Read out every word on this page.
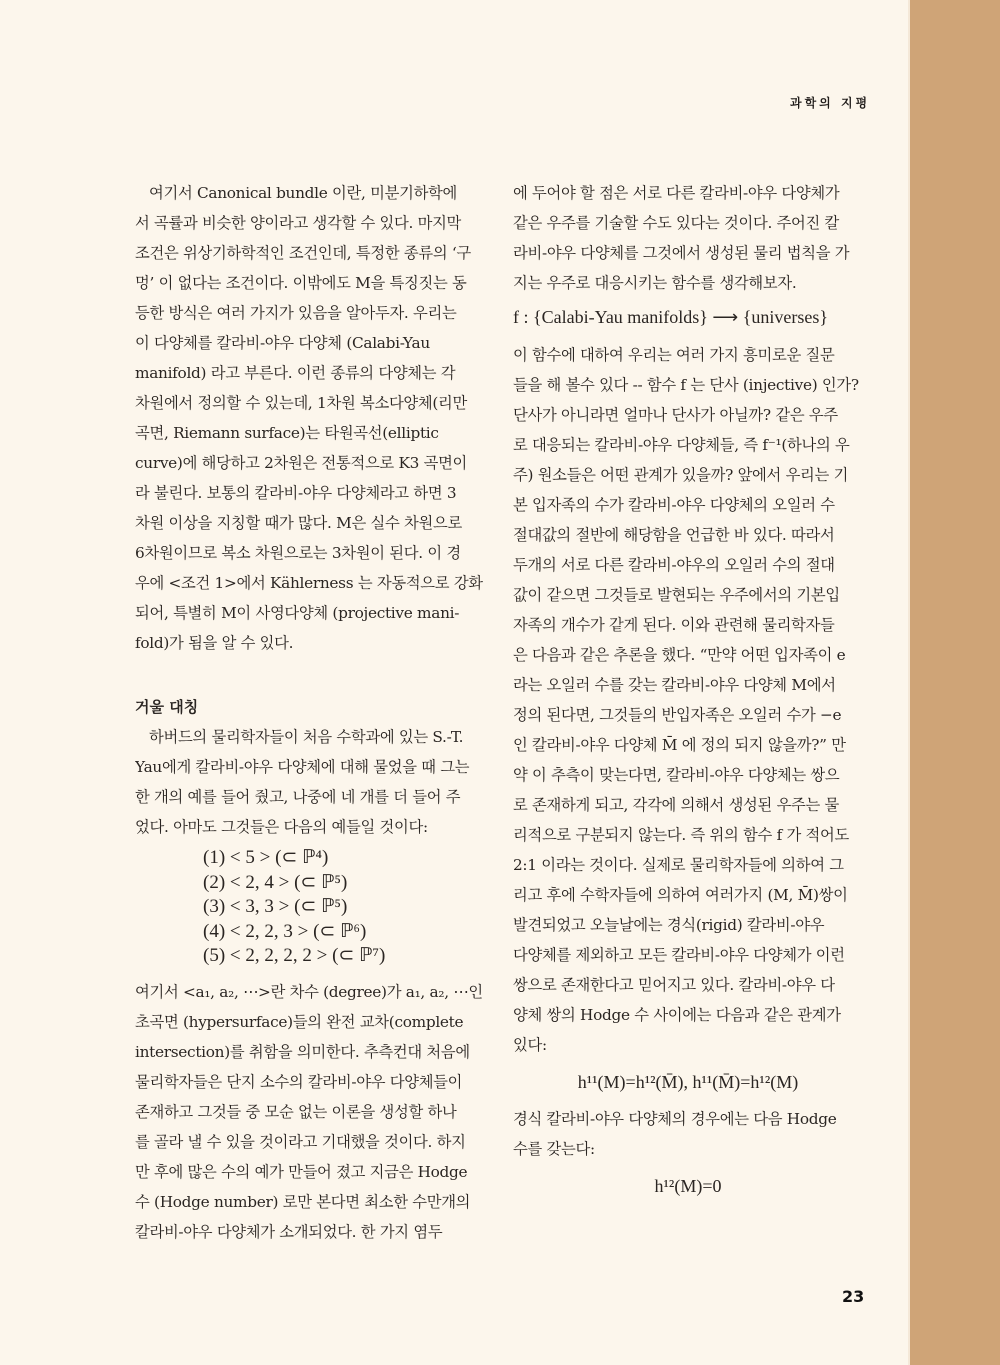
과학의 지평
여기서 Canonical bundle 이란, 미분기하학에
서 곡률과 비슷한 양이라고 생각할 수 있다. 마지막
조건은 위상기하학적인 조건인데, 특정한 종류의 ‘구
멍’ 이 없다는 조건이다. 이밖에도 M을 특징짓는 동
등한 방식은 여러 가지가 있음을 알아두자. 우리는
이 다양체를 칼라비-야우 다양체 (Calabi-Yau
manifold) 라고 부른다. 이런 종류의 다양체는 각
차원에서 정의할 수 있는데, 1차원 복소다양체(리만
곡면, Riemann surface)는 타원곡선(elliptic
curve)에 해당하고 2차원은 전통적으로 K3 곡면이
라 불린다. 보통의 칼라비-야우 다양체라고 하면 3
차원 이상을 지칭할 때가 많다. M은 실수 차원으로
6차원이므로 복소 차원으로는 3차원이 된다. 이 경
우에 <조건 1>에서 Kählerness 는 자동적으로 강화
되어, 특별히 M이 사영다양체 (projective mani-
fold)가 됨을 알 수 있다.
거울 대칭
하버드의 물리학자들이 처음 수학과에 있는 S.-T.
Yau에게 칼라비-야우 다양체에 대해 물었을 때 그는
한 개의 예를 들어 줬고, 나중에 네 개를 더 들어 주
었다. 아마도 그것들은 다음의 예들일 것이다:
(1) < 5 > (⊂ ℙ⁴)
(2) < 2, 4 > (⊂ ℙ⁵)
(3) < 3, 3 > (⊂ ℙ⁵)
(4) < 2, 2, 3 > (⊂ ℙ⁶)
(5) < 2, 2, 2, 2 > (⊂ ℙ⁷)
여기서 <a₁, a₂, ⋯>란 차수 (degree)가 a₁, a₂, ⋯인
초곡면 (hypersurface)들의 완전 교차(complete
intersection)를 취함을 의미한다. 추측컨대 처음에
물리학자들은 단지 소수의 칼라비-야우 다양체들이
존재하고 그것들 중 모순 없는 이론을 생성할 하나
를 골라 낼 수 있을 것이라고 기대했을 것이다. 하지
만 후에 많은 수의 예가 만들어 졌고 지금은 Hodge
수 (Hodge number) 로만 본다면 최소한 수만개의
칼라비-야우 다양체가 소개되었다. 한 가지 염두
에 두어야 할 점은 서로 다른 칼라비-야우 다양체가
같은 우주를 기술할 수도 있다는 것이다. 주어진 칼
라비-야우 다양체를 그것에서 생성된 물리 법칙을 가
지는 우주로 대응시키는 함수를 생각해보자.
f : {Calabi-Yau manifolds} ⟶ {universes}
이 함수에 대하여 우리는 여러 가지 흥미로운 질문
들을 해 볼수 있다 -- 함수 f 는 단사 (injective) 인가?
단사가 아니라면 얼마나 단사가 아닐까? 같은 우주
로 대응되는 칼라비-야우 다양체들, 즉 f⁻¹(하나의 우
주) 원소들은 어떤 관계가 있을까? 앞에서 우리는 기
본 입자족의 수가 칼라비-야우 다양체의 오일러 수
절대값의 절반에 해당함을 언급한 바 있다. 따라서
두개의 서로 다른 칼라비-야우의 오일러 수의 절대
값이 같으면 그것들로 발현되는 우주에서의 기본입
자족의 개수가 같게 된다. 이와 관련해 물리학자들
은 다음과 같은 추론을 했다. “만약 어떤 입자족이 e
라는 오일러 수를 갖는 칼라비-야우 다양체 M에서
정의 된다면, 그것들의 반입자족은 오일러 수가 −e
인 칼라비-야우 다양체 M̄ 에 정의 되지 않을까?” 만
약 이 추측이 맞는다면, 칼라비-야우 다양체는 쌍으
로 존재하게 되고, 각각에 의해서 생성된 우주는 물
리적으로 구분되지 않는다. 즉 위의 함수 f 가 적어도
2:1 이라는 것이다. 실제로 물리학자들에 의하여 그
리고 후에 수학자들에 의하여 여러가지 (M, M̄)쌍이
발견되었고 오늘날에는 경식(rigid) 칼라비-야우
다양체를 제외하고 모든 칼라비-야우 다양체가 이런
쌍으로 존재한다고 믿어지고 있다. 칼라비-야우 다
양체 쌍의 Hodge 수 사이에는 다음과 같은 관계가
있다:
h¹¹(M)=h¹²(M̄), h¹¹(M̄)=h¹²(M)
경식 칼라비-야우 다양체의 경우에는 다음 Hodge
수를 갖는다:
h¹²(M)=0
23
